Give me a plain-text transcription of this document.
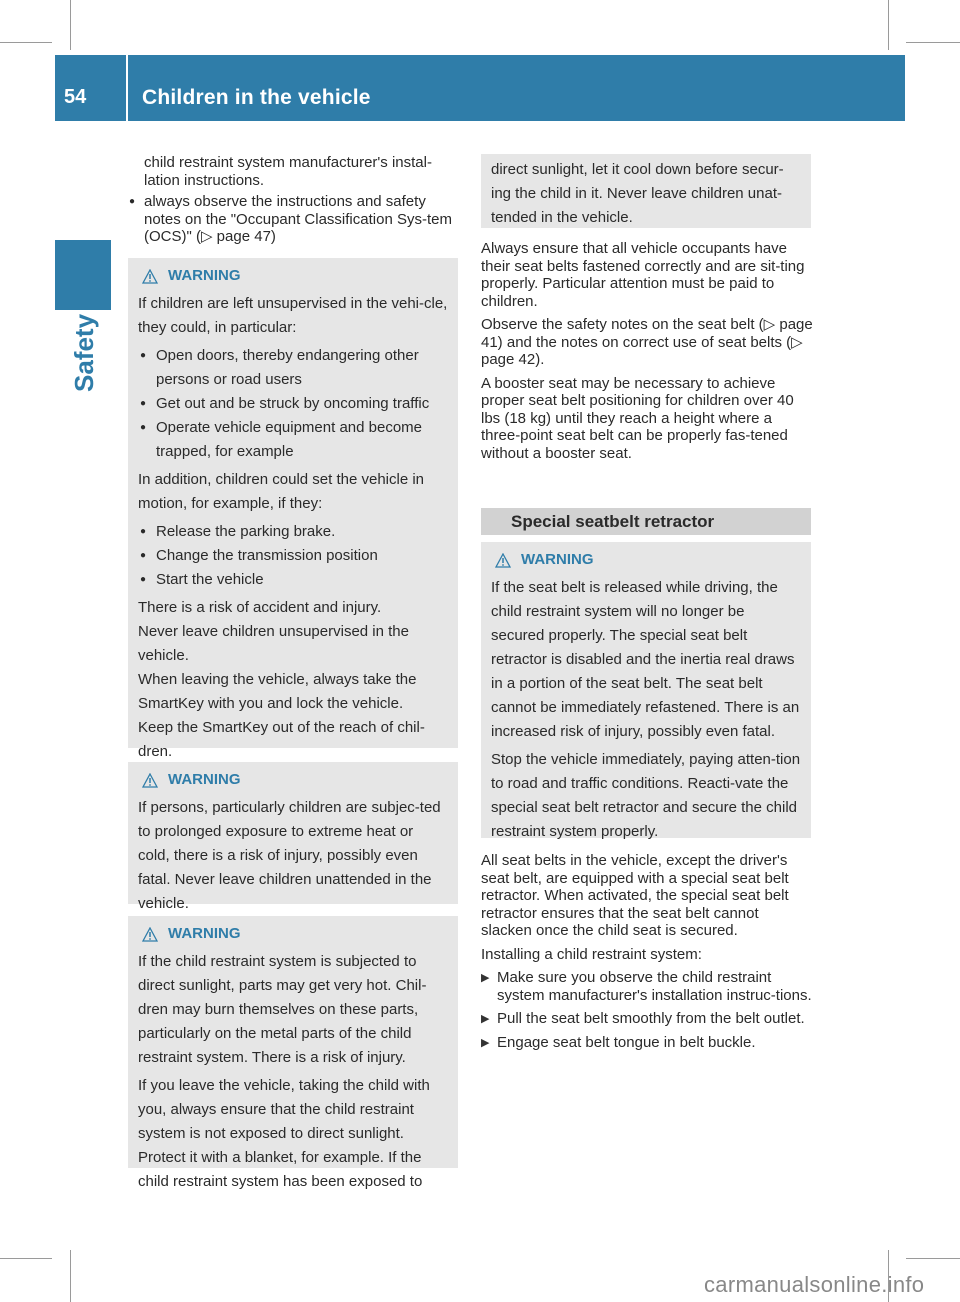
54	Children in the vehicle
Safety

child restraint system manufacturer's instal-lation instructions.

● always observe the instructions and safety notes on the "Occupant Classification Sys-tem (OCS)" (▷ page 47)
WARNING

If children are left unsupervised in the vehi-cle, they could, in particular:

● Open doors, thereby endangering other persons or road users
● Get out and be struck by oncoming traffic
● Operate vehicle equipment and become trapped, for example

In addition, children could set the vehicle in motion, for example, if they:

● Release the parking brake.
● Change the transmission position
● Start the vehicle

There is a risk of accident and injury.

Never leave children unsupervised in the vehicle.

When leaving the vehicle, always take the SmartKey with you and lock the vehicle.

Keep the SmartKey out of the reach of chil-dren.

WARNING

If persons, particularly children are subjec-ted to prolonged exposure to extreme heat or cold, there is a risk of injury, possibly even fatal. Never leave children unattended in the vehicle.

WARNING

If the child restraint system is subjected to direct sunlight, parts may get very hot. Chil-dren may burn themselves on these parts, particularly on the metal parts of the child restraint system. There is a risk of injury.

If you leave the vehicle, taking the child with you, always ensure that the child restraint system is not exposed to direct sunlight. Protect it with a blanket, for example. If the child restraint system has been exposed to

direct sunlight, let it cool down before secur-ing the child in it. Never leave children unat-tended in the vehicle.

Always ensure that all vehicle occupants have their seat belts fastened correctly and are sit-ting properly. Particular attention must be paid to children.

Observe the safety notes on the seat belt (▷ page 41) and the notes on correct use of seat belts (▷ page 42).

A booster seat may be necessary to achieve proper seat belt positioning for children over 40 lbs (18 kg) until they reach a height where a three-point seat belt can be properly fas-tened without a booster seat.

Special seatbelt retractor
WARNING

If the seat belt is released while driving, the child restraint system will no longer be secured properly. The special seat belt retractor is disabled and the inertia real draws in a portion of the seat belt. The seat belt cannot be immediately refastened. There is an increased risk of injury, possibly even fatal.

Stop the vehicle immediately, paying atten-tion to road and traffic conditions. Reacti-vate the special seat belt retractor and secure the child restraint system properly.

All seat belts in the vehicle, except the driver's seat belt, are equipped with a special seat belt retractor. When activated, the special seat belt retractor ensures that the seat belt cannot slacken once the child seat is secured.

Installing a child restraint system:

▶ Make sure you observe the child restraint system manufacturer's installation instruc-tions.
▶ Pull the seat belt smoothly from the belt outlet.
▶ Engage seat belt tongue in belt buckle.
carmanualsonline.info
